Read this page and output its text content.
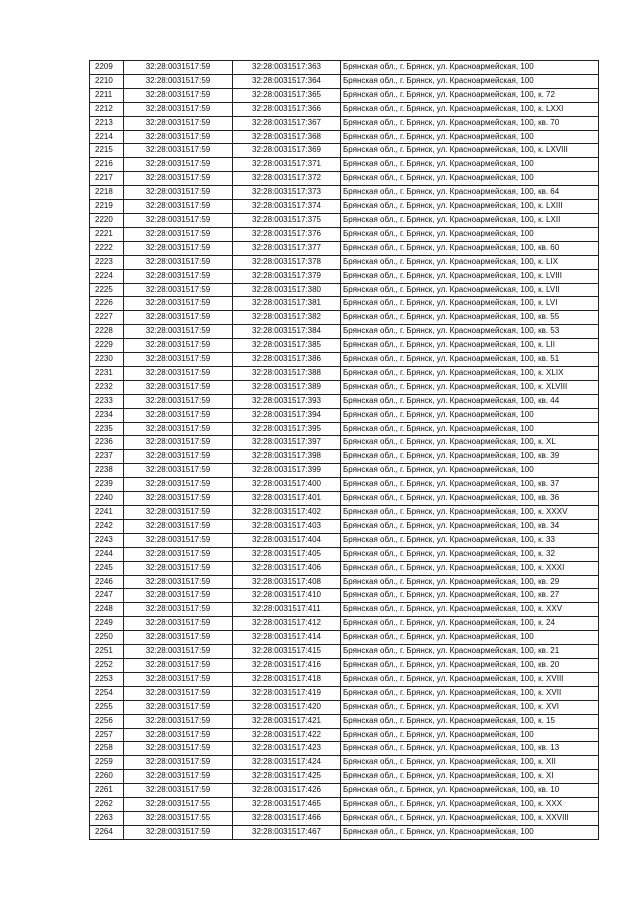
2209	32:28:0031517:59	32:28:0031517:363	Брянская обл., г. Брянск, ул. Красноармейская, 100
2210	32:28:0031517:59	32:28:0031517:364	Брянская обл., г. Брянск, ул. Красноармейская, 100
2211	32:28:0031517:59	32:28:0031517:365	Брянская обл., г. Брянск, ул. Красноармейская, 100, к. 72
2212	32:28:0031517:59	32:28:0031517:366	Брянская обл., г. Брянск, ул. Красноармейская, 100, к. LXXI
2213	32:28:0031517:59	32:28:0031517:367	Брянская обл., г. Брянск, ул. Красноармейская, 100, кв. 70
2214	32:28:0031517:59	32:28:0031517:368	Брянская обл., г. Брянск, ул. Красноармейская, 100
2215	32:28:0031517:59	32:28:0031517:369	Брянская обл., г. Брянск, ул. Красноармейская, 100, к. LXVIII
2216	32:28:0031517:59	32:28:0031517:371	Брянская обл., г. Брянск, ул. Красноармейская, 100
2217	32:28:0031517:59	32:28:0031517:372	Брянская обл., г. Брянск, ул. Красноармейская, 100
2218	32:28:0031517:59	32:28:0031517:373	Брянская обл., г. Брянск, ул. Красноармейская, 100, кв. 64
2219	32:28:0031517:59	32:28:0031517:374	Брянская обл., г. Брянск, ул. Красноармейская, 100, к. LXIII
2220	32:28:0031517:59	32:28:0031517:375	Брянская обл., г. Брянск, ул. Красноармейская, 100, к. LXII
2221	32:28:0031517:59	32:28:0031517:376	Брянская обл., г. Брянск, ул. Красноармейская, 100
2222	32:28:0031517:59	32:28:0031517:377	Брянская обл., г. Брянск, ул. Красноармейская, 100, кв. 60
2223	32:28:0031517:59	32:28:0031517:378	Брянская обл., г. Брянск, ул. Красноармейская, 100, к. LIX
2224	32:28:0031517:59	32:28:0031517:379	Брянская обл., г. Брянск, ул. Красноармейская, 100, к. LVIII
2225	32:28:0031517:59	32:28:0031517:380	Брянская обл., г. Брянск, ул. Красноармейская, 100, к. LVII
2226	32:28:0031517:59	32:28:0031517:381	Брянская обл., г. Брянск, ул. Красноармейская, 100, к. LVI
2227	32:28:0031517:59	32:28:0031517:382	Брянская обл., г. Брянск, ул. Красноармейская, 100, кв. 55
2228	32:28:0031517:59	32:28:0031517:384	Брянская обл., г. Брянск, ул. Красноармейская, 100, кв. 53
2229	32:28:0031517:59	32:28:0031517:385	Брянская обл., г. Брянск, ул. Красноармейская, 100, к. LII
2230	32:28:0031517:59	32:28:0031517:386	Брянская обл., г. Брянск, ул. Красноармейская, 100, кв. 51
2231	32:28:0031517:59	32:28:0031517:388	Брянская обл., г. Брянск, ул. Красноармейская, 100, к. XLIX
2232	32:28:0031517:59	32:28:0031517:389	Брянская обл., г. Брянск, ул. Красноармейская, 100, к. XLVIII
2233	32:28:0031517:59	32:28:0031517:393	Брянская обл., г. Брянск, ул. Красноармейская, 100, кв. 44
2234	32:28:0031517:59	32:28:0031517:394	Брянская обл., г. Брянск, ул. Красноармейская, 100
2235	32:28:0031517:59	32:28:0031517:395	Брянская обл., г. Брянск, ул. Красноармейская, 100
2236	32:28:0031517:59	32:28:0031517:397	Брянская обл., г. Брянск, ул. Красноармейская, 100, к. XL
2237	32:28:0031517:59	32:28:0031517:398	Брянская обл., г. Брянск, ул. Красноармейская, 100, кв. 39
2238	32:28:0031517:59	32:28:0031517:399	Брянская обл., г. Брянск, ул. Красноармейская, 100
2239	32:28:0031517:59	32:28:0031517:400	Брянская обл., г. Брянск, ул. Красноармейская, 100, кв. 37
2240	32:28:0031517:59	32:28:0031517:401	Брянская обл., г. Брянск, ул. Красноармейская, 100, кв. 36
2241	32:28:0031517:59	32:28:0031517:402	Брянская обл., г. Брянск, ул. Красноармейская, 100, к. XXXV
2242	32:28:0031517:59	32:28:0031517:403	Брянская обл., г. Брянск, ул. Красноармейская, 100, кв. 34
2243	32:28:0031517:59	32:28:0031517:404	Брянская обл., г. Брянск, ул. Красноармейская, 100, к. 33
2244	32:28:0031517:59	32:28:0031517:405	Брянская обл., г. Брянск, ул. Красноармейская, 100, к. 32
2245	32:28:0031517:59	32:28:0031517:406	Брянская обл., г. Брянск, ул. Красноармейская, 100, к. XXXI
2246	32:28:0031517:59	32:28:0031517:408	Брянская обл., г. Брянск, ул. Красноармейская, 100, кв. 29
2247	32:28:0031517:59	32:28:0031517:410	Брянская обл., г. Брянск, ул. Красноармейская, 100, кв. 27
2248	32:28:0031517:59	32:28:0031517:411	Брянская обл., г. Брянск, ул. Красноармейская, 100, к. XXV
2249	32:28:0031517:59	32:28:0031517:412	Брянская обл., г. Брянск, ул. Красноармейская, 100, к. 24
2250	32:28:0031517:59	32:28:0031517:414	Брянская обл., г. Брянск, ул. Красноармейская, 100
2251	32:28:0031517:59	32:28:0031517:415	Брянская обл., г. Брянск, ул. Красноармейская, 100, кв. 21
2252	32:28:0031517:59	32:28:0031517:416	Брянская обл., г. Брянск, ул. Красноармейская, 100, кв. 20
2253	32:28:0031517:59	32:28:0031517:418	Брянская обл., г. Брянск, ул. Красноармейская, 100, к. XVIII
2254	32:28:0031517:59	32:28:0031517:419	Брянская обл., г. Брянск, ул. Красноармейская, 100, к. XVII
2255	32:28:0031517:59	32:28:0031517:420	Брянская обл., г. Брянск, ул. Красноармейская, 100, к. XVI
2256	32:28:0031517:59	32:28:0031517:421	Брянская обл., г. Брянск, ул. Красноармейская, 100, к. 15
2257	32:28:0031517:59	32:28:0031517:422	Брянская обл., г. Брянск, ул. Красноармейская, 100
2258	32:28:0031517:59	32:28:0031517:423	Брянская обл., г. Брянск, ул. Красноармейская, 100, кв. 13
2259	32:28:0031517:59	32:28:0031517:424	Брянская обл., г. Брянск, ул. Красноармейская, 100, к. XII
2260	32:28:0031517:59	32:28:0031517:425	Брянская обл., г. Брянск, ул. Красноармейская, 100, к. XI
2261	32:28:0031517:59	32:28:0031517:426	Брянская обл., г. Брянск, ул. Красноармейская, 100, кв. 10
2262	32:28:0031517:55	32:28:0031517:465	Брянская обл., г. Брянск, ул. Красноармейская, 100, к. XXX
2263	32:28:0031517:55	32:28:0031517:466	Брянская обл., г. Брянск, ул. Красноармейская, 100, к. XXVIII
2264	32:28:0031517:59	32:28:0031517:467	Брянская обл., г. Брянск, ул. Красноармейская, 100
